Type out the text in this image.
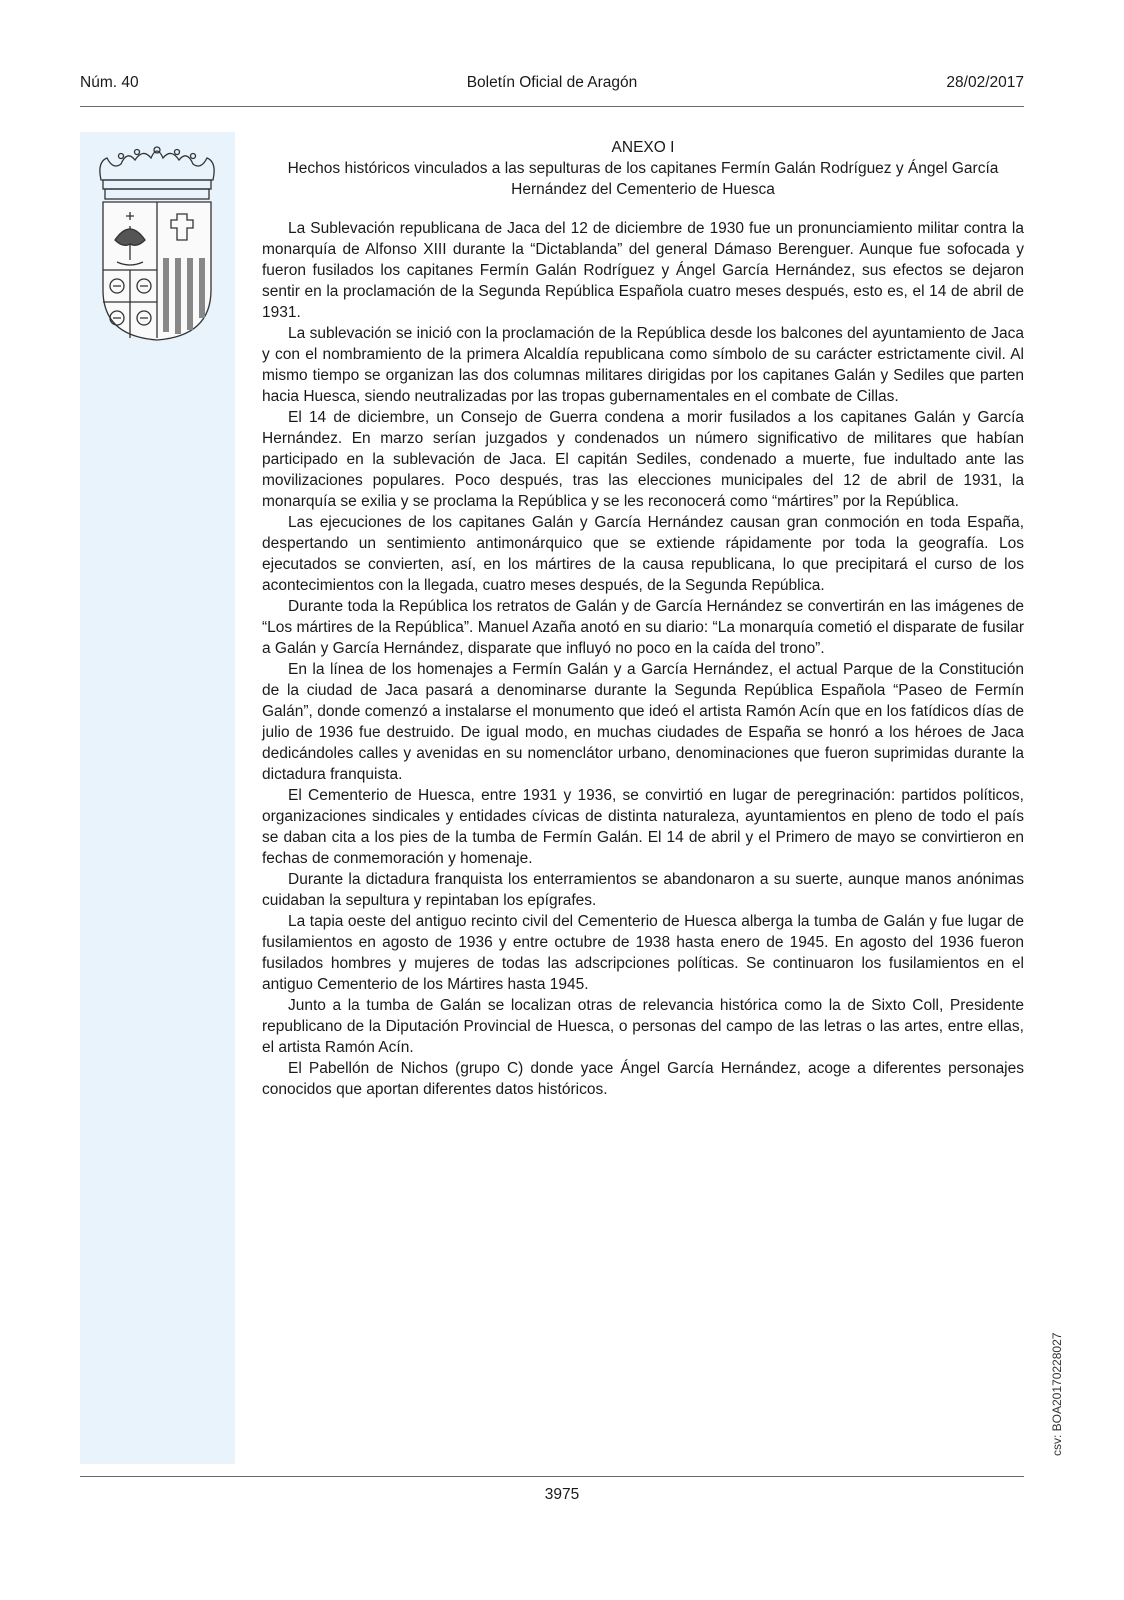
Núm. 40	Boletín Oficial de Aragón	28/02/2017

ANEXO I

Hechos históricos vinculados a las sepulturas de los capitanes Fermín Galán Rodríguez y Ángel García Hernández del Cementerio de Huesca

La Sublevación republicana de Jaca del 12 de diciembre de 1930 fue un pronunciamiento militar contra la monarquía de Alfonso XIII durante la “Dictablanda” del general Dámaso Berenguer. Aunque fue sofocada y fueron fusilados los capitanes Fermín Galán Rodríguez y Ángel García Hernández, sus efectos se dejaron sentir en la proclamación de la Segunda República Española cuatro meses después, esto es, el 14 de abril de 1931.

La sublevación se inició con la proclamación de la República desde los balcones del ayuntamiento de Jaca y con el nombramiento de la primera Alcaldía republicana como símbolo de su carácter estrictamente civil. Al mismo tiempo se organizan las dos columnas militares dirigidas por los capitanes Galán y Sediles que parten hacia Huesca, siendo neutralizadas por las tropas gubernamentales en el combate de Cillas.

El 14 de diciembre, un Consejo de Guerra condena a morir fusilados a los capitanes Galán y García Hernández. En marzo serían juzgados y condenados un número significativo de militares que habían participado en la sublevación de Jaca. El capitán Sediles, condenado a muerte, fue indultado ante las movilizaciones populares. Poco después, tras las elecciones municipales del 12 de abril de 1931, la monarquía se exilia y se proclama la República y se les reconocerá como “mártires” por la República.

Las ejecuciones de los capitanes Galán y García Hernández causan gran conmoción en toda España, despertando un sentimiento antimonárquico que se extiende rápidamente por toda la geografía. Los ejecutados se convierten, así, en los mártires de la causa republicana, lo que precipitará el curso de los acontecimientos con la llegada, cuatro meses después, de la Segunda República.

Durante toda la República los retratos de Galán y de García Hernández se convertirán en las imágenes de “Los mártires de la República”. Manuel Azaña anotó en su diario: “La monarquía cometió el disparate de fusilar a Galán y García Hernández, disparate que influyó no poco en la caída del trono”.

En la línea de los homenajes a Fermín Galán y a García Hernández, el actual Parque de la Constitución de la ciudad de Jaca pasará a denominarse durante la Segunda República Española “Paseo de Fermín Galán”, donde comenzó a instalarse el monumento que ideó el artista Ramón Acín que en los fatídicos días de julio de 1936 fue destruido. De igual modo, en muchas ciudades de España se honró a los héroes de Jaca dedicándoles calles y avenidas en su nomenclátor urbano, denominaciones que fueron suprimidas durante la dictadura franquista.

El Cementerio de Huesca, entre 1931 y 1936, se convirtió en lugar de peregrinación: partidos políticos, organizaciones sindicales y entidades cívicas de distinta naturaleza, ayuntamientos en pleno de todo el país se daban cita a los pies de la tumba de Fermín Galán. El 14 de abril y el Primero de mayo se convirtieron en fechas de conmemoración y homenaje.

Durante la dictadura franquista los enterramientos se abandonaron a su suerte, aunque manos anónimas cuidaban la sepultura y repintaban los epígrafes.

La tapia oeste del antiguo recinto civil del Cementerio de Huesca alberga la tumba de Galán y fue lugar de fusilamientos en agosto de 1936 y entre octubre de 1938 hasta enero de 1945. En agosto del 1936 fueron fusilados hombres y mujeres de todas las adscripciones políticas. Se continuaron los fusilamientos en el antiguo Cementerio de los Mártires hasta 1945.

Junto a la tumba de Galán se localizan otras de relevancia histórica como la de Sixto Coll, Presidente republicano de la Diputación Provincial de Huesca, o personas del campo de las letras o las artes, entre ellas, el artista Ramón Acín.

El Pabellón de Nichos (grupo C) donde yace Ángel García Hernández, acoge a diferentes personajes conocidos que aportan diferentes datos históricos.

csv: BOA20170228027
3975
